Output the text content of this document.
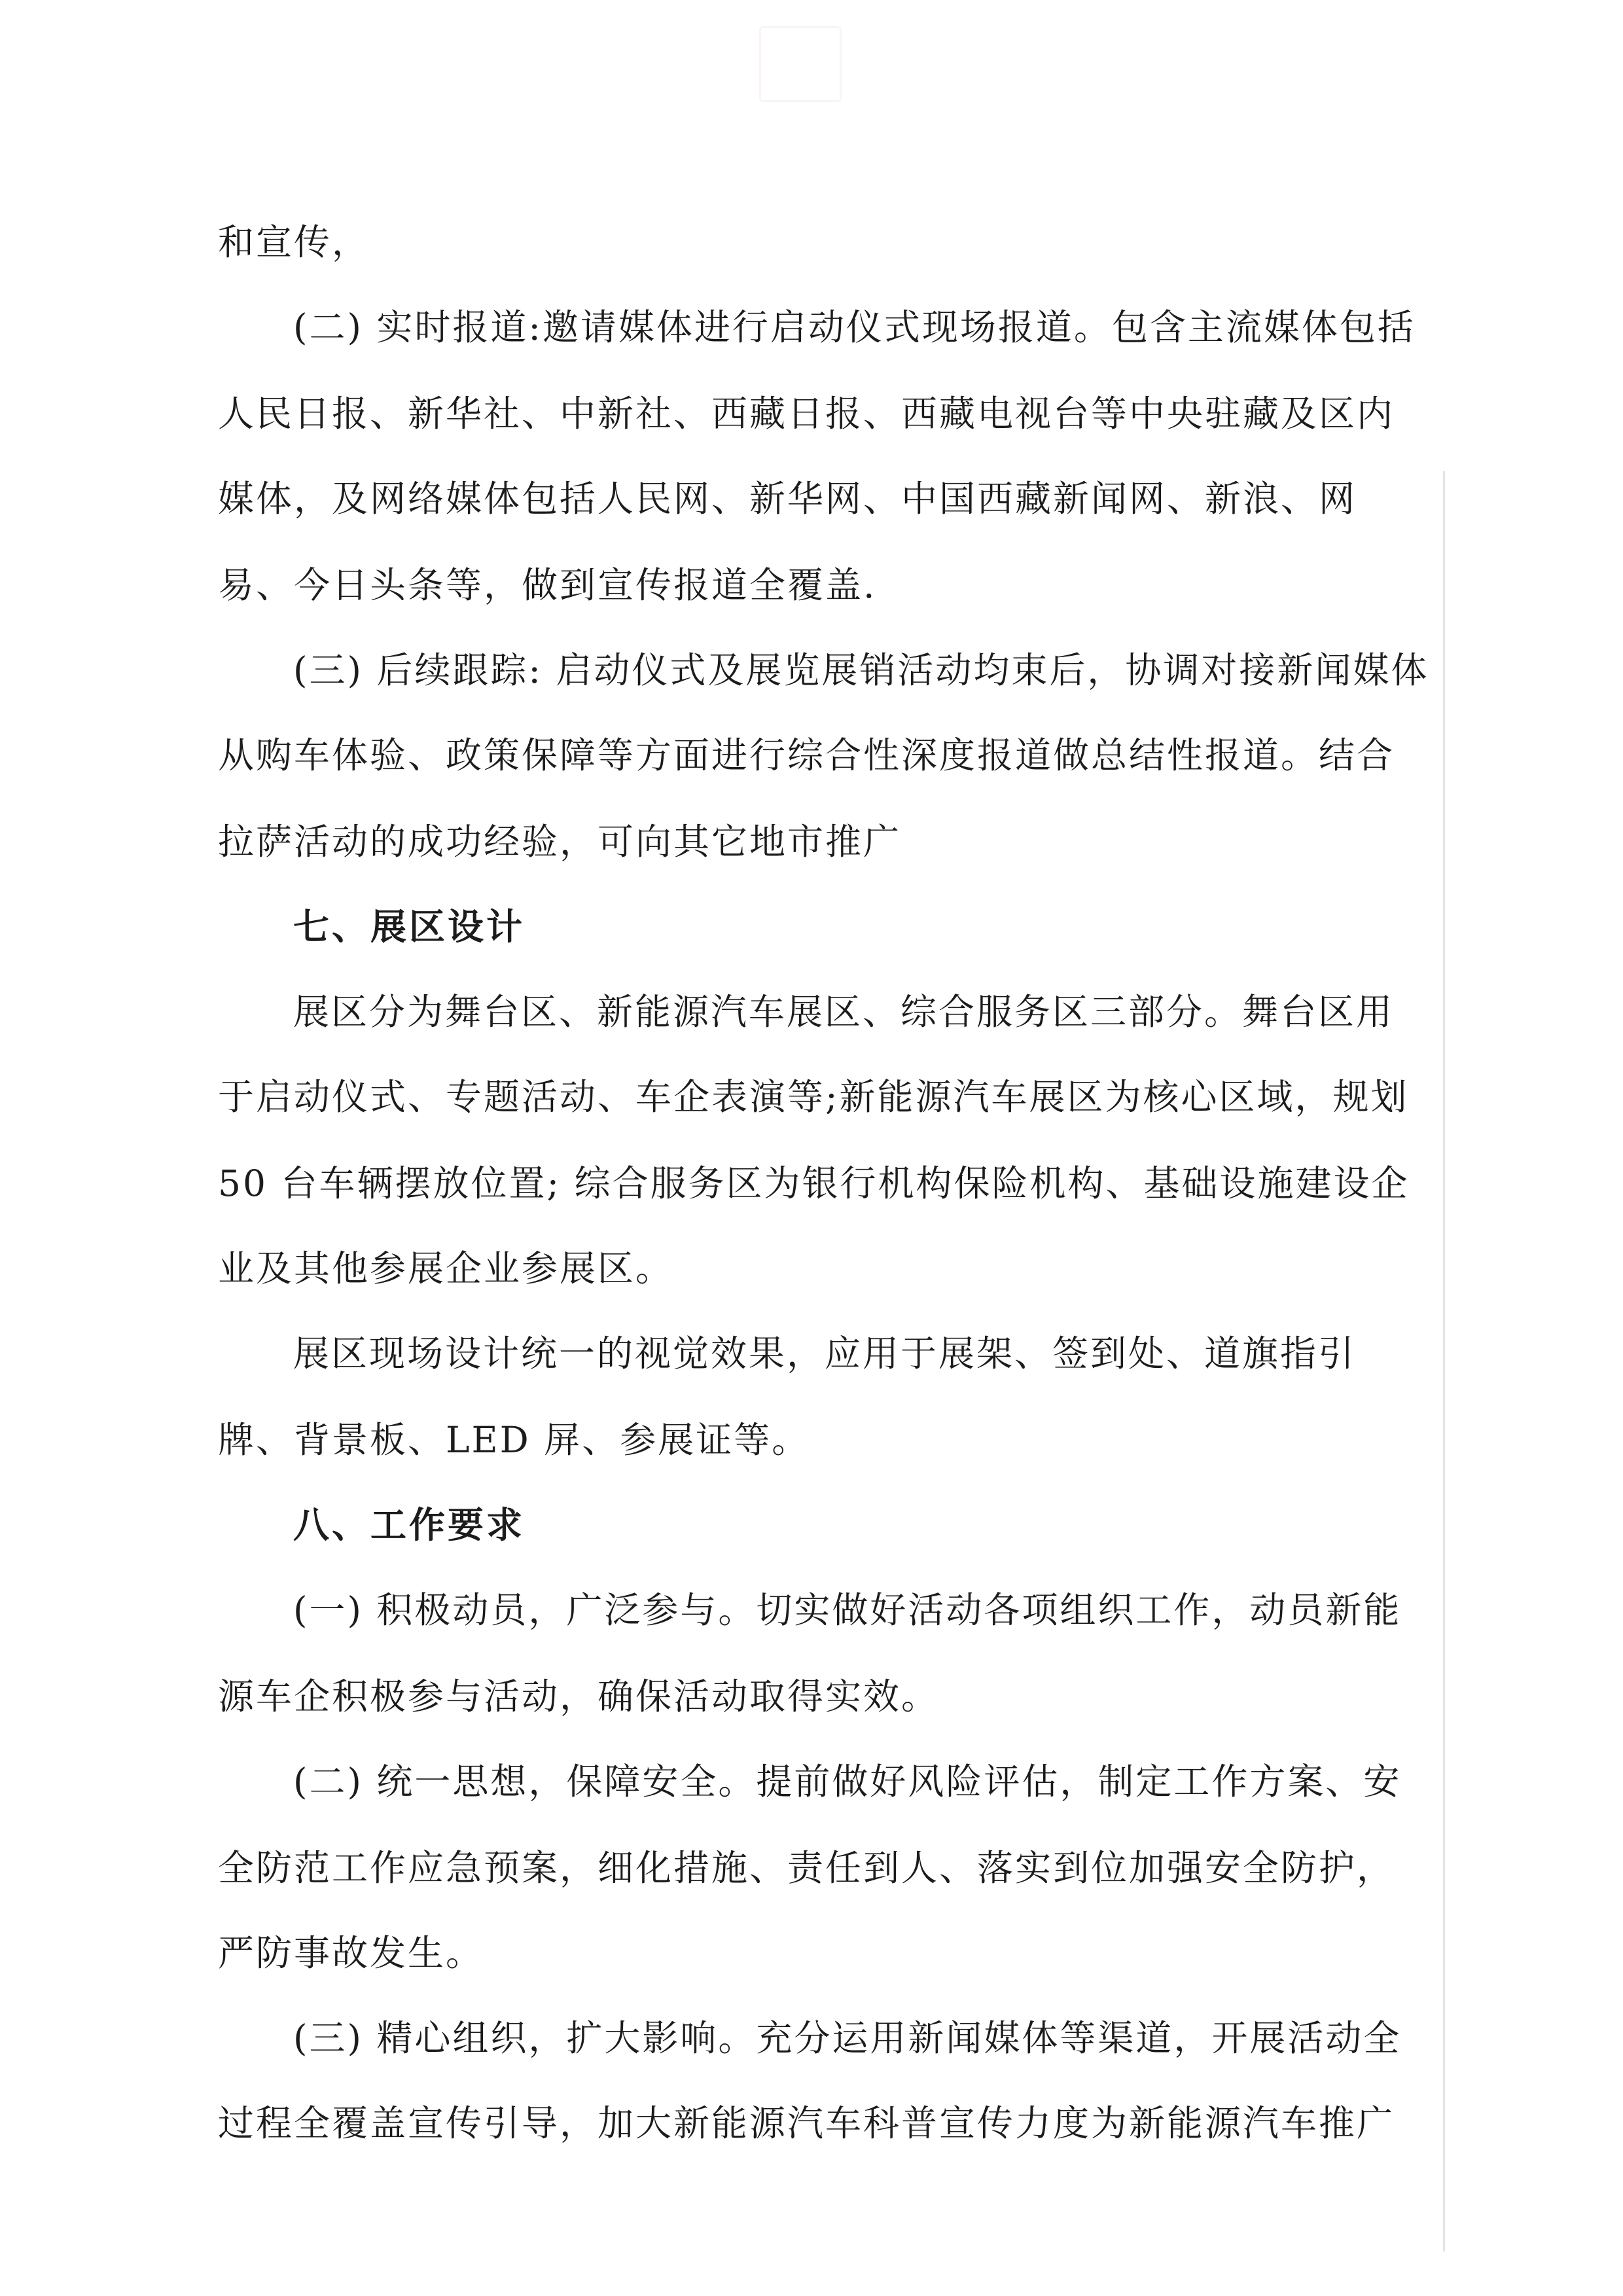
和宣传，
(二) 实时报道:邀请媒体进行启动仪式现场报道。包含主流媒体包括
人民日报、新华社、中新社、西藏日报、西藏电视台等中央驻藏及区内
媒体，及网络媒体包括人民网、新华网、中国西藏新闻网、新浪、网
易、今日头条等，做到宣传报道全覆盖.
(三) 后续跟踪: 启动仪式及展览展销活动均束后，协调对接新闻媒体
从购车体验、政策保障等方面进行综合性深度报道做总结性报道。结合
拉萨活动的成功经验，可向其它地市推广
七、展区设计
展区分为舞台区、新能源汽车展区、综合服务区三部分。舞台区用
于启动仪式、专题活动、车企表演等;新能源汽车展区为核心区域，规划
50 台车辆摆放位置; 综合服务区为银行机构保险机构、基础设施建设企
业及其他参展企业参展区。
展区现场设计统一的视觉效果，应用于展架、签到处、道旗指引
牌、背景板、LED 屏、参展证等。
八、工作要求
(一) 积极动员，广泛参与。切实做好活动各项组织工作，动员新能
源车企积极参与活动，确保活动取得实效。
(二) 统一思想，保障安全。提前做好风险评估，制定工作方案、安
全防范工作应急预案，细化措施、责任到人、落实到位加强安全防护，
严防事故发生。
(三) 精心组织，扩大影响。充分运用新闻媒体等渠道，开展活动全
过程全覆盖宣传引导，加大新能源汽车科普宣传力度为新能源汽车推广
